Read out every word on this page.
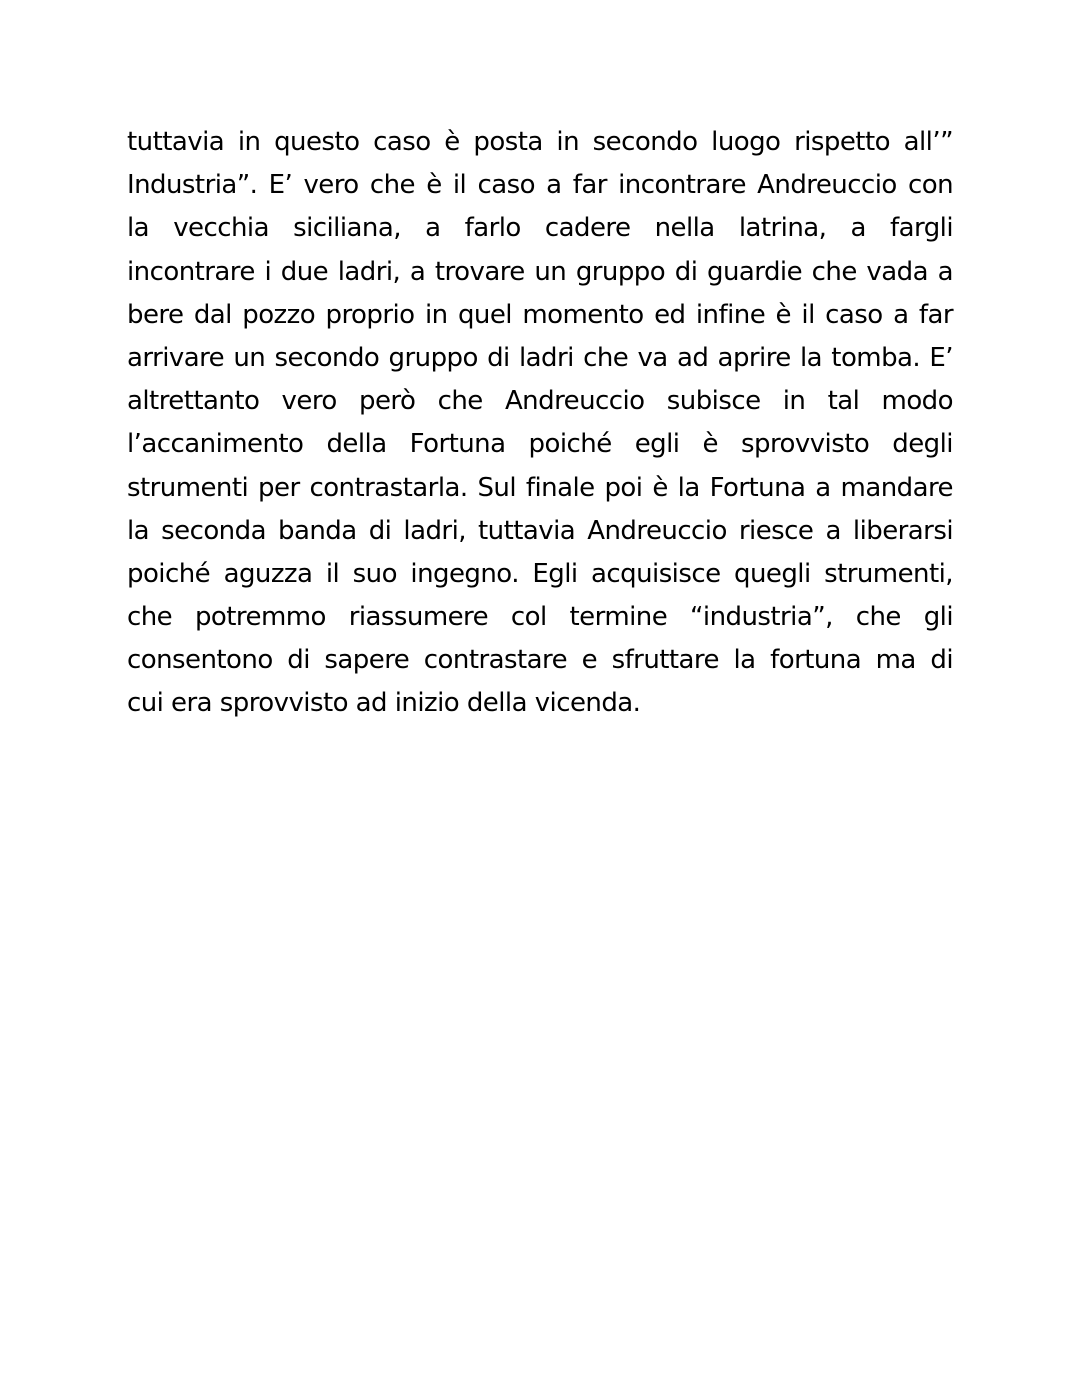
tuttavia in questo caso è posta in secondo luogo rispetto all’”
Industria”. E’ vero che è il caso a far incontrare Andreuccio con
la vecchia siciliana, a farlo cadere nella latrina, a fargli
incontrare i due ladri, a trovare un gruppo di guardie che vada a
bere dal pozzo proprio in quel momento ed infine è il caso a far
arrivare un secondo gruppo di ladri che va ad aprire la tomba. E’
altrettanto vero però che Andreuccio subisce in tal modo
l’accanimento della Fortuna poiché egli è sprovvisto degli
strumenti per contrastarla. Sul finale poi è la Fortuna a mandare
la seconda banda di ladri, tuttavia Andreuccio riesce a liberarsi
poiché aguzza il suo ingegno. Egli acquisisce quegli strumenti,
che potremmo riassumere col termine “industria”, che gli
consentono di sapere contrastare e sfruttare la fortuna ma di
cui era sprovvisto ad inizio della vicenda.
